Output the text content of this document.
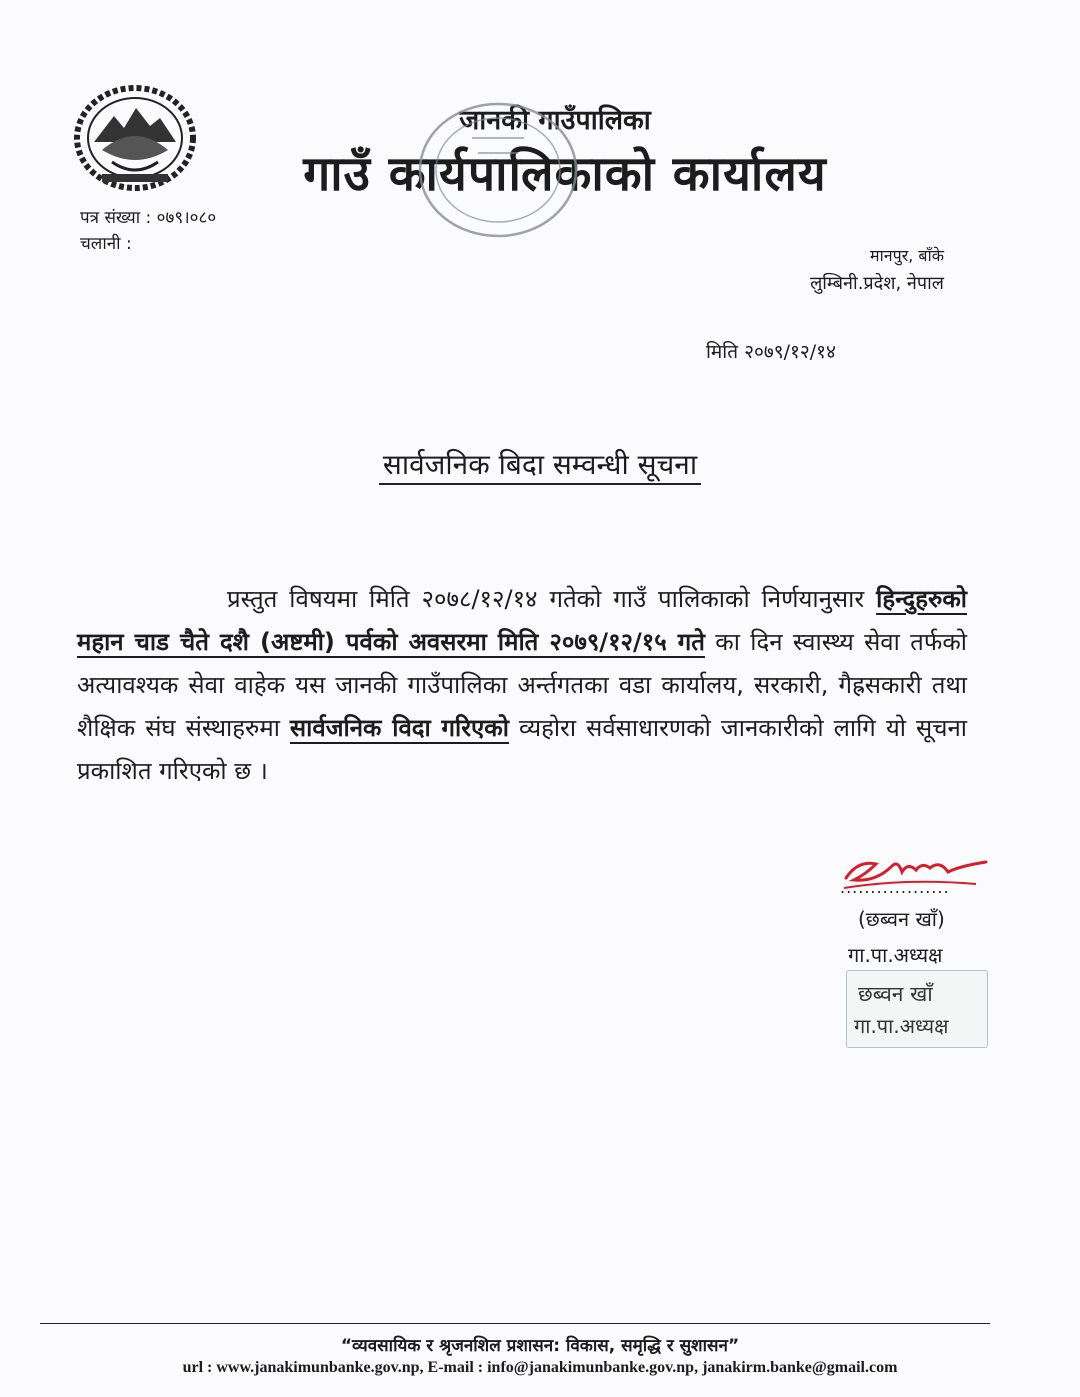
जानकी गाउँपालिका
गाउँ कार्यपालिकाको कार्यालय
पत्र संख्या : ०७९।०८०
चलानी :
मानपुर, बाँके
लुम्बिनी.प्रदेश, नेपाल
मिति २०७९/१२/१४
सार्वजनिक बिदा सम्वन्धी सूचना

प्रस्तुत विषयमा मिति २०७८/१२/१४ गतेको गाउँ पालिकाको निर्णयानुसार हिन्दुहरुको महान चाड चैते दशै (अष्टमी) पर्वको अवसरमा मिति २०७९/१२/१५ गते का दिन स्वास्थ्य सेवा तर्फको अत्यावश्यक सेवा वाहेक यस जानकी गाउँपालिका अर्न्तगतका वडा कार्यालय, सरकारी, गैह्रसकारी तथा शैक्षिक संघ संस्थाहरुमा सार्वजनिक विदा गरिएको व्यहोरा सर्वसाधारणको जानकारीको लागि यो सूचना प्रकाशित गरिएको छ ।

..................
(छब्वन खाँ)
गा.पा.अध्यक्ष
छब्वन खाँ
गा.पा.अध्यक्ष
“व्यवसायिक र श्रृजनशिल प्रशासन: विकास, समृद्धि र सुशासन”
url : www.janakimunbanke.gov.np, E-mail : info@janakimunbanke.gov.np, janakirm.banke@gmail.com
